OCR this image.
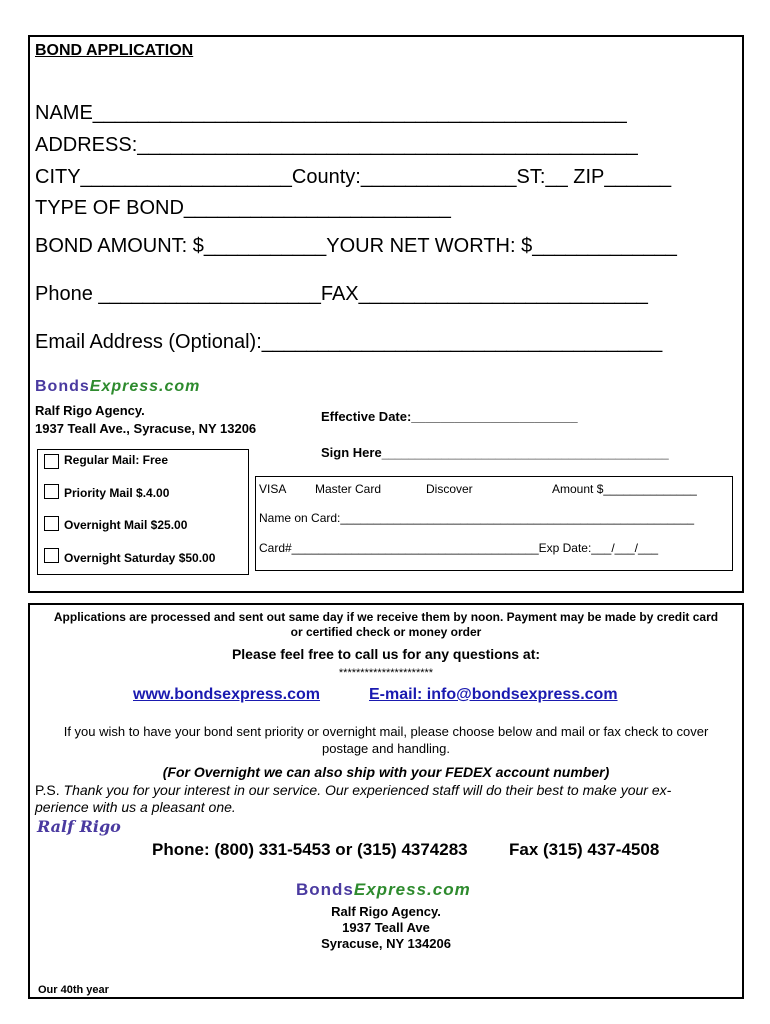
BOND APPLICATION
NAME________________________________________________
ADDRESS:_____________________________________________
CITY___________________County:______________ST:__ ZIP______
TYPE OF BOND________________________
BOND AMOUNT: $___________YOUR NET WORTH: $_____________
Phone ____________________FAX__________________________
Email Address (Optional):____________________________________
BondsExpress.com
Ralf Rigo Agency.
1937 Teall Ave., Syracuse, NY 13206
Effective Date:_______________________
Sign Here___________________________________________
Regular Mail: Free
Priority Mail $.4.00
Overnight Mail $25.00
Overnight Saturday $50.00
VISA Master Card	Discover	Amount $______________
Name on Card:_____________________________________________________
Card#_____________________________________Exp Date:___/___/___
Applications are processed and sent out same day if we receive them by noon. Payment may be made by credit card
or certified check or money order
Please feel free to call us for any questions at:
**********************
www.bondsexpress.com	E-mail: info@bondsexpress.com
If you wish to have your bond sent priority or overnight mail, please choose below and mail or fax check to cover
postage and handling.
(For Overnight we can also ship with your FEDEX account number)
P.S. Thank you for your interest in our service. Our experienced staff will do their best to make your ex-
perience with us a pleasant one.
Ralf Rigo
Phone: (800) 331-5453 or (315) 4374283 Fax (315) 437-4508
BondsExpress.com
Ralf Rigo Agency.
1937 Teall Ave
Syracuse, NY 134206
Our 40th year
